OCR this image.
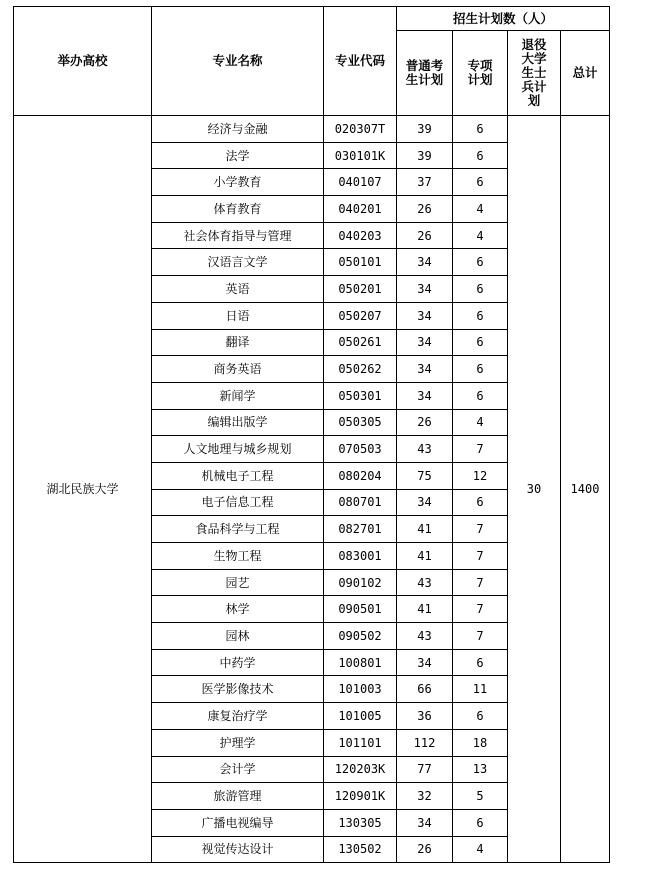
举办高校	专业名称	专业代码	招生计划数（人）			

			普通考生计划	专项计划	退役大学生士兵计划	总计
湖北民族大学	经济与金融	020307T	39	6	30	1400
	法学	030101K	39	6		
	小学教育	040107	37	6		
	体育教育	040201	26	4		
	社会体育指导与管理	040203	26	4		
	汉语言文学	050101	34	6		
	英语	050201	34	6		
	日语	050207	34	6		
	翻译	050261	34	6		
	商务英语	050262	34	6		
	新闻学	050301	34	6		
	编辑出版学	050305	26	4		
	人文地理与城乡规划	070503	43	7		
	机械电子工程	080204	75	12		
	电子信息工程	080701	34	6		
	食品科学与工程	082701	41	7		
	生物工程	083001	41	7		
	园艺	090102	43	7		
	林学	090501	41	7		
	园林	090502	43	7		
	中药学	100801	34	6		
	医学影像技术	101003	66	11		
	康复治疗学	101005	36	6		
	护理学	101101	112	18		
	会计学	120203K	77	13		
	旅游管理	120901K	32	5		
	广播电视编导	130305	34	6		
	视觉传达设计	130502	26	4		
